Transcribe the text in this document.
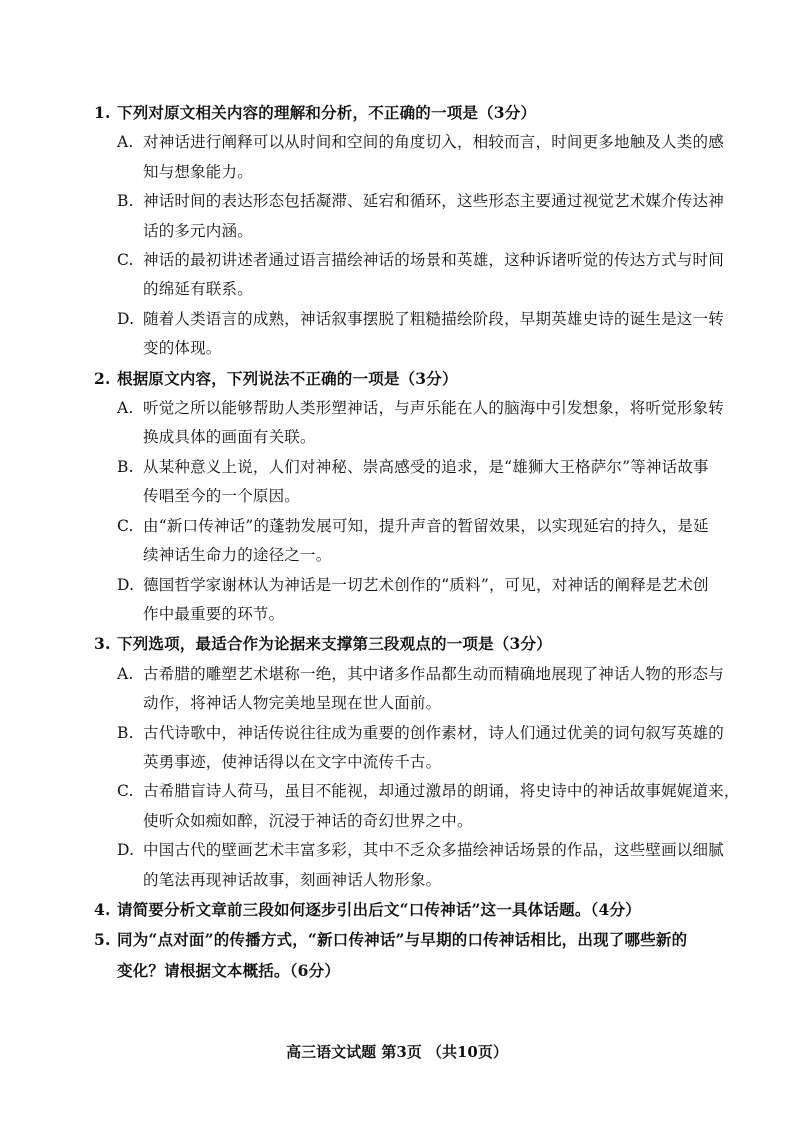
1. 下列对原文相关内容的理解和分析，不正确的一项是（3分）
A. 对神话进行阐释可以从时间和空间的角度切入，相较而言，时间更多地触及人类的感
知与想象能力。
B. 神话时间的表达形态包括凝滞、延宕和循环，这些形态主要通过视觉艺术媒介传达神
话的多元内涵。
C. 神话的最初讲述者通过语言描绘神话的场景和英雄，这种诉诸听觉的传达方式与时间
的绵延有联系。
D. 随着人类语言的成熟，神话叙事摆脱了粗糙描绘阶段，早期英雄史诗的诞生是这一转
变的体现。
2. 根据原文内容，下列说法不正确的一项是（3分）
A. 听觉之所以能够帮助人类形塑神话，与声乐能在人的脑海中引发想象，将听觉形象转
换成具体的画面有关联。
B. 从某种意义上说，人们对神秘、崇高感受的追求，是“雄狮大王格萨尔”等神话故事
传唱至今的一个原因。
C. 由“新口传神话”的蓬勃发展可知，提升声音的暂留效果，以实现延宕的持久，是延
续神话生命力的途径之一。
D. 德国哲学家谢林认为神话是一切艺术创作的“质料”，可见，对神话的阐释是艺术创
作中最重要的环节。
3. 下列选项，最适合作为论据来支撑第三段观点的一项是（3分）
A. 古希腊的雕塑艺术堪称一绝，其中诸多作品都生动而精确地展现了神话人物的形态与
动作，将神话人物完美地呈现在世人面前。
B. 古代诗歌中，神话传说往往成为重要的创作素材，诗人们通过优美的词句叙写英雄的
英勇事迹，使神话得以在文字中流传千古。
C. 古希腊盲诗人荷马，虽目不能视，却通过激昂的朗诵，将史诗中的神话故事娓娓道来，
使听众如痴如醉，沉浸于神话的奇幻世界之中。
D. 中国古代的壁画艺术丰富多彩，其中不乏众多描绘神话场景的作品，这些壁画以细腻
的笔法再现神话故事，刻画神话人物形象。
4. 请简要分析文章前三段如何逐步引出后文“口传神话”这一具体话题。（4分）
5. 同为“点对面”的传播方式，“新口传神话”与早期的口传神话相比，出现了哪些新的
变化？请根据文本概括。（6分）
高三语文试题 第3页 （共10页）
